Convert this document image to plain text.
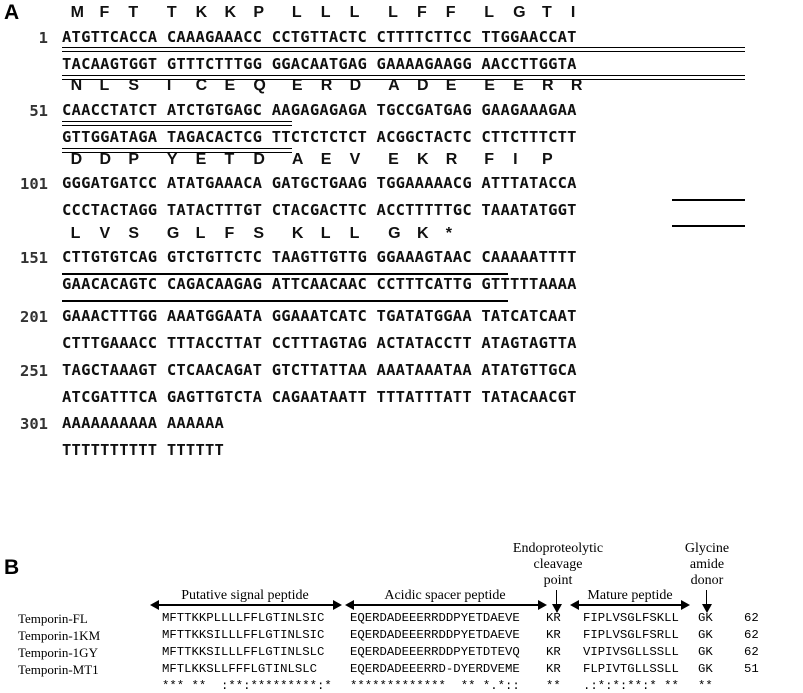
A	M F T T K K P L L L L F F L G T I
1 ATGTTCACCA CAAAGAAACC CCTGTTACTC CTTTTCTTCC TTGGAACCAT
TACAAGTGGT GTTTCTTTGG GGACAATGAG GAAAAGAAGG AACCTTGGTA
N L S I C E Q E R D A D E E E R R
51 CAACCTATCT ATCTGTGAGC AAGAGAGAGA TGCCGATGAG GAAGAAAGAA
GTTGGATAGA TAGACACTCG TTCTCTCTCT ACGGCTACTC CTTCTTTCTT
D D P Y E T D A E V E K R F I P
101 GGGATGATCC ATATGAAACA GATGCTGAAG TGGAAAAACG ATTTATACCA
CCCTACTAGG TATACTTTGT CTACGACTTC ACCTTTTTGC TAAATATGGT
L V S G L F S K L L G K *
151 CTTGTGTCAG GTCTGTTCTC TAAGTTGTTG GGAAAGTAAC CAAAAATTTT
GAACACAGTC CAGACAAGAG ATTCAACAAC CCTTTCATTG GTTTTTAAAA
201 GAAACTTTGG AAATGGAATA GGAAATCATC TGATATGGAA TATCATCAAT
CTTTGAAACC TTTACCTTAT CCTTTAGTAG ACTATACCTT ATAGTAGTTA
251 TAGCTAAAGT CTCAACAGAT GTCTTATTAA AAATAAATAA ATATGTTGCA
ATCGATTTCA GAGTTGTCTA CAGAATAATT TTTATTTATT TATACAACGT
301 AAAAAAAAAA AAAAAA
TTTTTTTTTT TTTTTT
B
Putative signal peptide	Acidic spacer peptide
Endoproteolytic
cleavage
point
Mature peptide
Glycine
amide
donor
Temporin-FL	MFTTKKPLLLLFFLGTINLSIC EQERDADEEERRDDPYETDAEVE KR FIPLVSGLFSKLL GK	62
Temporin-1KM	MFTTKKSILLLFFLGTINLSIC EQERDADEEERRDDPYETDAEVE KR FIPLVSGLFSRLL GK	62
Temporin-1GY	MFTTKKSILLLFFLGTINLSLC EQERDADEEERRDDPYETDTEVQ KR VIPIVSGLLSSLL GK	62
Temporin-MT1	MFTLKKSLLFFFLGTINLSLC	EQERDADEEERRD-DYERDVEME KR FLPIVTGLLSSLL GK	51
*** **  :**:*********:* *************  ** *.*:: ** .:*:*:**:* ** **
